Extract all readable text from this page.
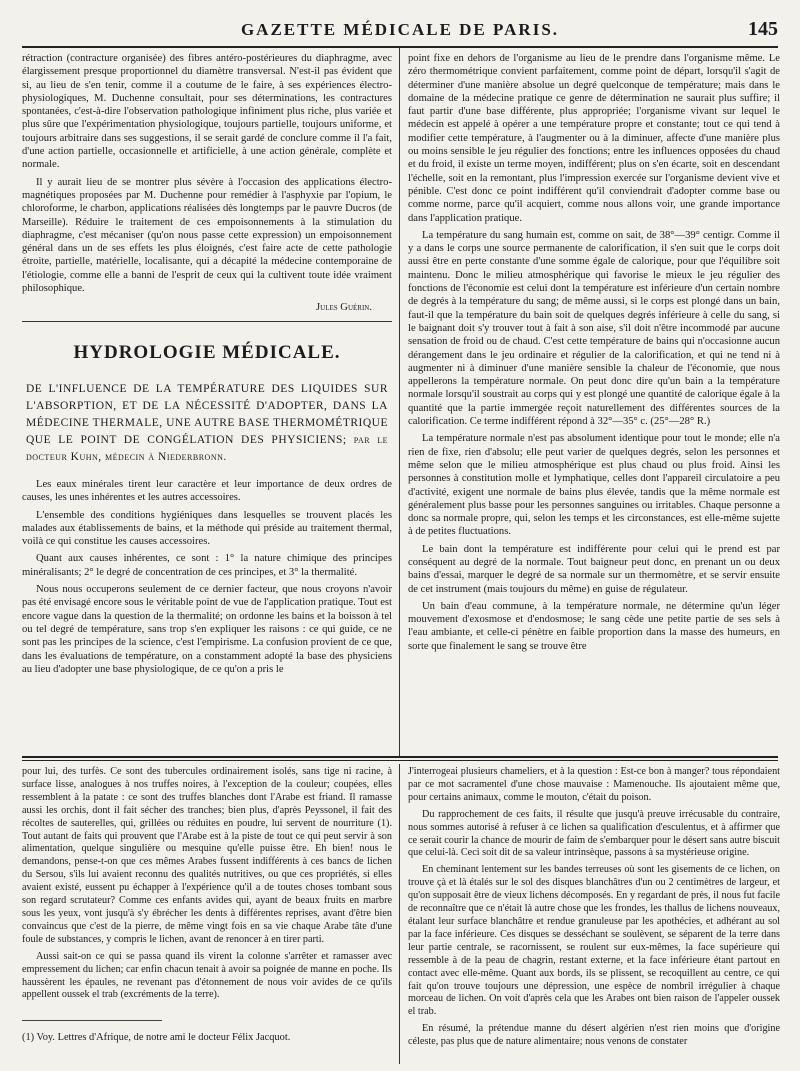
GAZETTE MÉDICALE DE PARIS.	145

rétraction (contracture organisée) des fibres antéro-postérieures du diaphragme, avec élargissement presque proportionnel du diamètre transversal. N'est-il pas évident que si, au lieu de s'en tenir, comme il a coutume de le faire, à ses expériences électro-physiologiques, M. Duchenne consultait, pour ses déterminations, les contractures spontanées, c'est-à-dire l'observation pathologique infiniment plus riche, plus variée et plus sûre que l'expérimentation physiologique, toujours partielle, toujours uniforme, et toujours arbitraire dans ses suggestions, il se serait gardé de conclure comme il l'a fait, d'une action partielle, occasionnelle et artificielle, à une action générale, complète et normale.

Il y aurait lieu de se montrer plus sévère à l'occasion des applications électro-magnétiques proposées par M. Duchenne pour remédier à l'asphyxie par l'opium, le chloroforme, le charbon, applications réalisées dès longtemps par le pauvre Ducros (de Marseille). Réduire le traitement de ces empoisonnements à la stimulation du diaphragme, c'est mécaniser (qu'on nous passe cette expression) un empoisonnement général dans un de ses effets les plus éloignés, c'est faire acte de cette pathologie étroite, partielle, matérielle, localisante, qui a décapité la médecine contemporaine de l'étiologie, comme elle a banni de l'esprit de ceux qui la cultivent toute idée vraiment philosophique.

Jules Guérin.
HYDROLOGIE MÉDICALE.
DE L'INFLUENCE DE LA TEMPÉRATURE DES LIQUIDES SUR L'ABSORPTION, ET DE LA NÉCESSITÉ D'ADOPTER, DANS LA MÉDECINE THERMALE, UNE AUTRE BASE THERMOMÉTRIQUE QUE LE POINT DE CONGÉLATION DES PHYSICIENS; par le docteur Kuhn, médecin à Niederbronn.

Les eaux minérales tirent leur caractère et leur importance de deux ordres de causes, les unes inhérentes et les autres accessoires.

L'ensemble des conditions hygiéniques dans lesquelles se trouvent placés les malades aux établissements de bains, et la méthode qui préside au traitement thermal, voilà ce qui constitue les causes accessoires.

Quant aux causes inhérentes, ce sont : 1° la nature chimique des principes minéralisants; 2° le degré de concentration de ces principes, et 3° la thermalité.

Nous nous occuperons seulement de ce dernier facteur, que nous croyons n'avoir pas été envisagé encore sous le véritable point de vue de l'application pratique. Tout est encore vague dans la question de la thermalité; on ordonne les bains et la boisson à tel ou tel degré de température, sans trop s'en expliquer les raisons : ce qui guide, ce ne sont pas les principes de la science, c'est l'empirisme. La confusion provient de ce que, dans les évaluations de température, on a constamment adopté la base des physiciens au lieu d'adopter une base physiologique, de ce qu'on a pris le

point fixe en dehors de l'organisme au lieu de le prendre dans l'organisme même. Le zéro thermométrique convient parfaitement, comme point de départ, lorsqu'il s'agit de déterminer d'une manière absolue un degré quelconque de température; mais dans le domaine de la médecine pratique ce genre de détermination ne saurait plus suffire; il faut partir d'une base différente, plus appropriée; l'organisme vivant sur lequel le médecin est appelé à opérer a une température propre et constante; tout ce qui tend à modifier cette température, à l'augmenter ou à la diminuer, affecte d'une manière plus ou moins sensible le jeu régulier des fonctions; entre les influences opposées du chaud et du froid, il existe un terme moyen, indifférent; plus on s'en écarte, soit en descendant l'échelle, soit en la remontant, plus l'impression exercée sur l'organisme devient vive et pénible. C'est donc ce point indifférent qu'il conviendrait d'adopter comme base ou comme norme, parce qu'il acquiert, comme nous allons voir, une grande importance dans l'application pratique.

La température du sang humain est, comme on sait, de 38°—39° centigr. Comme il y a dans le corps une source permanente de calorification, il s'en suit que le corps doit aussi être en perte constante d'une somme égale de calorique, pour que l'équilibre soit maintenu. Donc le milieu atmosphérique qui favorise le mieux le jeu régulier des fonctions de l'économie est celui dont la température est inférieure d'un certain nombre de degrés à la température du sang; de même aussi, si le corps est plongé dans un bain, faut-il que la température du bain soit de quelques degrés inférieure à celle du sang, si le baignant doit s'y trouver tout à fait à son aise, s'il doit n'être incommodé par aucune sensation de froid ou de chaud. C'est cette température de bains qui n'occasionne aucun dérangement dans le jeu ordinaire et régulier de la calorification, et qui ne tend ni à augmenter ni à diminuer d'une manière sensible la chaleur de l'économie, que nous appellerons la température normale. On peut donc dire qu'un bain a la température normale lorsqu'il soustrait au corps qui y est plongé une quantité de calorique égale à la quantité que la partie immergée reçoit naturellement des différentes sources de la calorification. Ce terme indifférent répond à 32°—35° c. (25°—28° R.)

La température normale n'est pas absolument identique pour tout le monde; elle n'a rien de fixe, rien d'absolu; elle peut varier de quelques degrés, selon les personnes et même selon que le milieu atmosphérique est plus chaud ou plus froid. Ainsi les personnes à constitution molle et lymphatique, celles dont l'appareil circulatoire a peu d'activité, exigent une normale de bains plus élevée, tandis que la même normale est généralement plus basse pour les personnes sanguines ou irritables. Chaque personne a donc sa normale propre, qui, selon les temps et les circonstances, est elle-même sujette à de petites fluctuations.

Le bain dont la température est indifférente pour celui qui le prend est par conséquent au degré de la normale. Tout baigneur peut donc, en prenant un ou deux bains d'essai, marquer le degré de sa normale sur un thermomètre, et se servir ensuite de cet instrument (mais toujours du même) en guise de régulateur.

Un bain d'eau commune, à la température normale, ne détermine qu'un léger mouvement d'exosmose et d'endosmose; le sang cède une petite partie de ses sels à l'eau ambiante, et celle-ci pénètre en faible proportion dans la masse des humeurs, en sorte que finalement le sang se trouve être

pour lui, des turfès. Ce sont des tubercules ordinairement isolés, sans tige ni racine, à surface lisse, analogues à nos truffes noires, à l'exception de la couleur; coupées, elles ressemblent à la patate : ce sont des truffes blanches dont l'Arabe est friand. Il ramasse aussi les orchis, dont il fait sécher des tranches; bien plus, d'après Peyssonel, il fait des récoltes de sauterelles, qui, grillées ou réduites en poudre, lui servent de nourriture (1). Tout autant de faits qui prouvent que l'Arabe est à la piste de tout ce qui peut servir à son alimentation, quelque singulière ou mesquine qu'elle puisse être. Eh bien! nous le demandons, pense-t-on que ces mêmes Arabes fussent indifférents à ces bancs de lichen du Sersou, s'ils lui avaient reconnu des qualités nutritives, ou que ces propriétés, si elles avaient existé, eussent pu échapper à l'expérience qu'il a de toutes choses tombant sous son regard scrutateur? Comme ces enfants avides qui, ayant de beaux fruits en marbre sous les yeux, vont jusqu'à s'y ébrécher les dents à différentes reprises, avant d'être bien convaincus que c'est de la pierre, de même vingt fois en sa vie chaque Arabe tâte d'une foule de substances, y compris le lichen, avant de renoncer à en tirer parti.

Aussi sait-on ce qui se passa quand ils virent la colonne s'arrêter et ramasser avec empressement du lichen; car enfin chacun tenait à avoir sa poignée de manne en poche. Ils haussèrent les épaules, ne revenant pas d'étonnement de nous voir avides de ce qu'ils appellent oussek el trab (excréments de la terre).

J'interrogeai plusieurs chameliers, et à la question : Est-ce bon à manger? tous répondaient par ce mot sacramentel d'une chose mauvaise : Mamenouche. Ils ajoutaient même que, pour certains animaux, comme le mouton, c'était du poison.

Du rapprochement de ces faits, il résulte que jusqu'à preuve irrécusable du contraire, nous sommes autorisé à refuser à ce lichen sa qualification d'esculentus, et à affirmer que ce serait courir la chance de mourir de faim de s'embarquer pour le désert sans autre biscuit que celui-là. Ceci soit dit de sa valeur intrinsèque, passons à sa mystérieuse origine.

En cheminant lentement sur les bandes terreuses où sont les gisements de ce lichen, on trouve çà et là étalés sur le sol des disques blanchâtres d'un ou 2 centimètres de largeur, et qu'on supposait être de vieux lichens décomposés. En y regardant de près, il nous fut facile de reconnaître que ce n'était là autre chose que les frondes, les thallus de lichens nouveaux, étalant leur surface blanchâtre et rendue granuleuse par les apothécies, et adhérant au sol par la face inférieure. Ces disques se desséchant se soulèvent, se séparent de la terre dans leur partie centrale, se racornissent, se roulent sur eux-mêmes, la face supérieure qui ressemble à de la peau de chagrin, restant externe, et la face inférieure étant partout en contact avec elle-même. Quant aux bords, ils se plissent, se recoquillent au centre, ce qui fait qu'on trouve toujours une dépression, une espèce de nombril irrégulier à chaque morceau de lichen. On voit d'après cela que les Arabes ont bien raison de l'appeler oussek el trab.

En résumé, la prétendue manne du désert algérien n'est rien moins que d'origine céleste, pas plus que de nature alimentaire; nous venons de constater

(1) Voy. Lettres d'Afrique, de notre ami le docteur Félix Jacquot.
